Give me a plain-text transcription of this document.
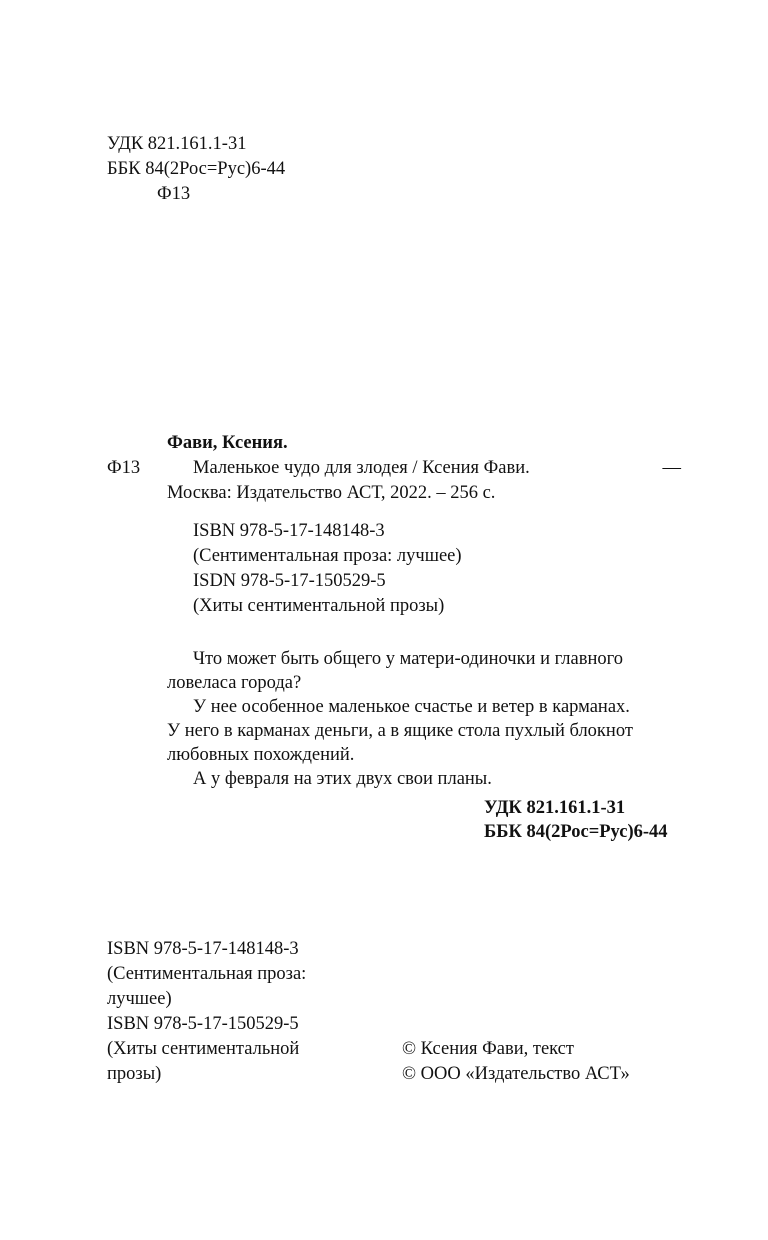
УДК 821.161.1-31
ББК 84(2Рос=Рус)6-44
Ф13
Фави, Ксения.
Ф13	Маленькое чудо для злодея / Ксения Фави.	—
Москва: Издательство АСТ, 2022. – 256 с.
ISBN 978-5-17-148148-3
(Сентиментальная проза: лучшее)
ISDN 978-5-17-150529-5
(Хиты сентиментальной прозы)
Что может быть общего у матери-одиночки и главного
ловеласа города?
У нее особенное маленькое счастье и ветер в карманах.
У него в карманах деньги, а в ящике стола пухлый блокнот
любовных похождений.
А у февраля на этих двух свои планы.
УДК 821.161.1-31
ББК 84(2Рос=Рус)6-44
ISBN 978-5-17-148148-3
(Сентиментальная проза:
лучшее)
ISBN 978-5-17-150529-5
(Хиты сентиментальной
прозы)
© Ксения Фави, текст
© ООО «Издательство АСТ»
